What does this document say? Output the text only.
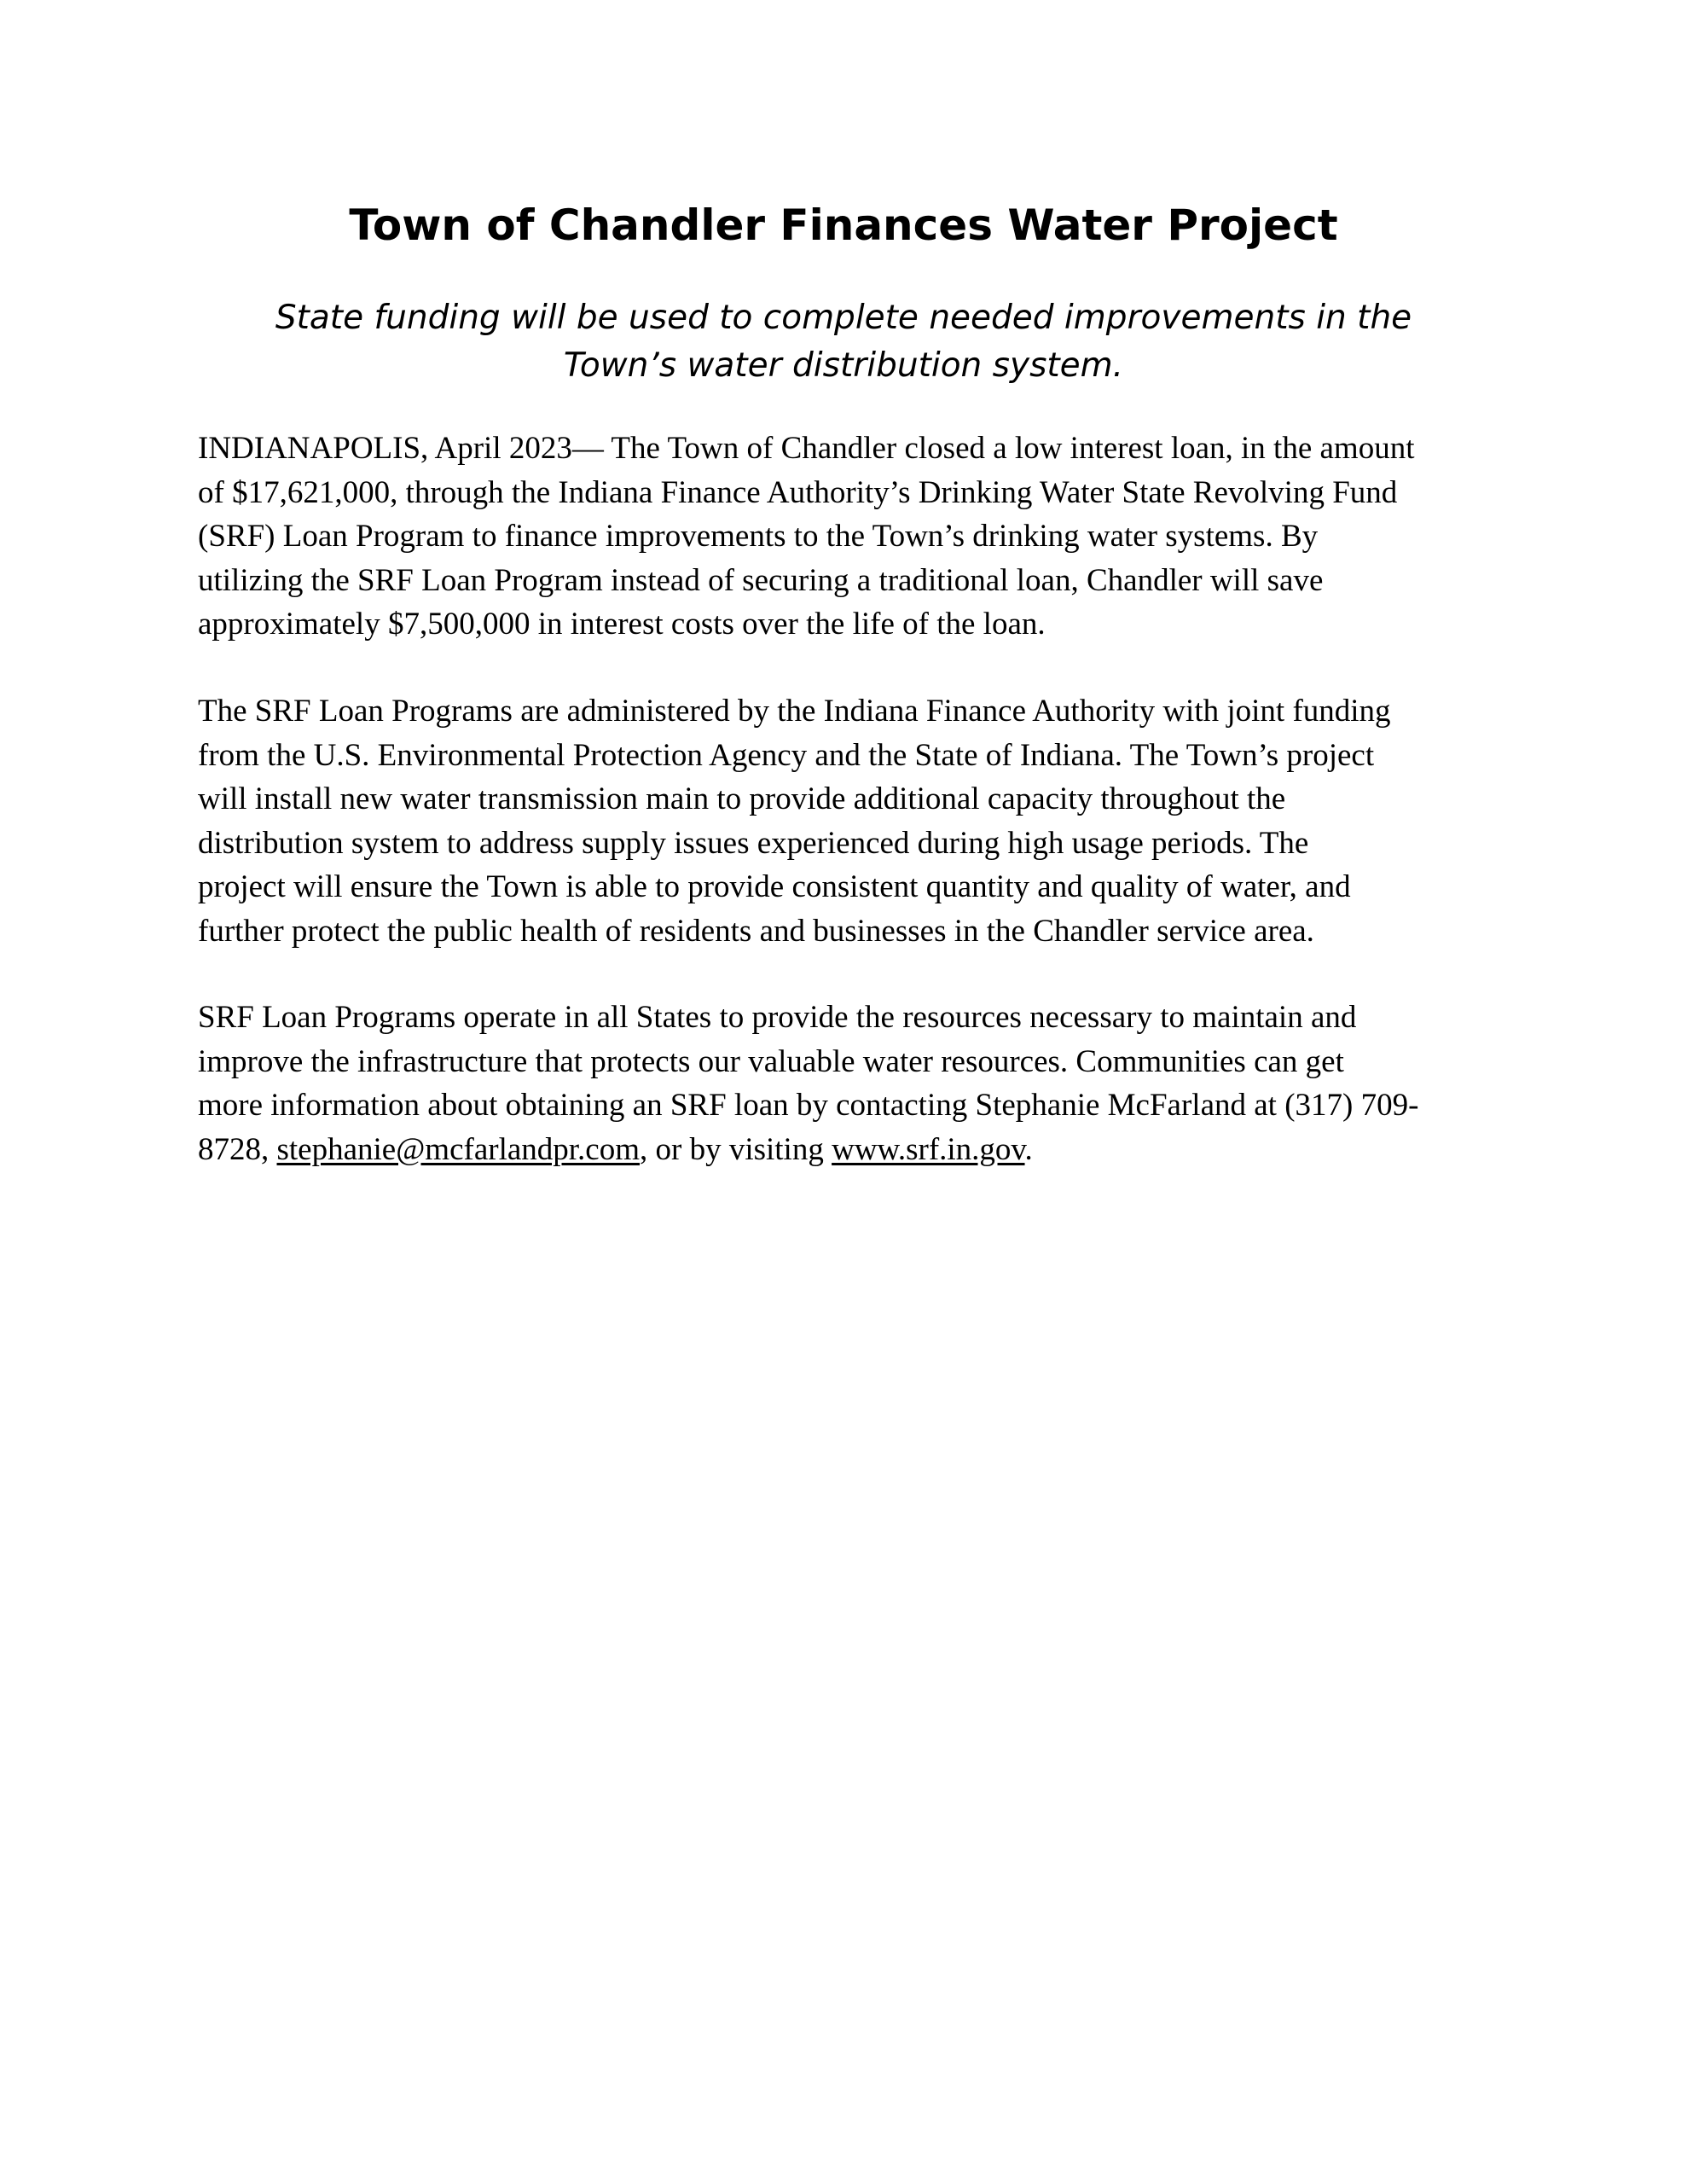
Town of Chandler Finances Water Project
State funding will be used to complete needed improvements in the
Town’s water distribution system.

INDIANAPOLIS, April 2023— The Town of Chandler closed a low interest loan, in the amount
of $17,621,000, through the Indiana Finance Authority’s Drinking Water State Revolving Fund
(SRF) Loan Program to finance improvements to the Town’s drinking water systems. By
utilizing the SRF Loan Program instead of securing a traditional loan, Chandler will save
approximately $7,500,000 in interest costs over the life of the loan.

The SRF Loan Programs are administered by the Indiana Finance Authority with joint funding
from the U.S. Environmental Protection Agency and the State of Indiana. The Town’s project
will install new water transmission main to provide additional capacity throughout the
distribution system to address supply issues experienced during high usage periods. The
project will ensure the Town is able to provide consistent quantity and quality of water, and
further protect the public health of residents and businesses in the Chandler service area.

SRF Loan Programs operate in all States to provide the resources necessary to maintain and
improve the infrastructure that protects our valuable water resources. Communities can get
more information about obtaining an SRF loan by contacting Stephanie McFarland at (317) 709-
8728, stephanie@mcfarlandpr.com, or by visiting www.srf.in.gov.
